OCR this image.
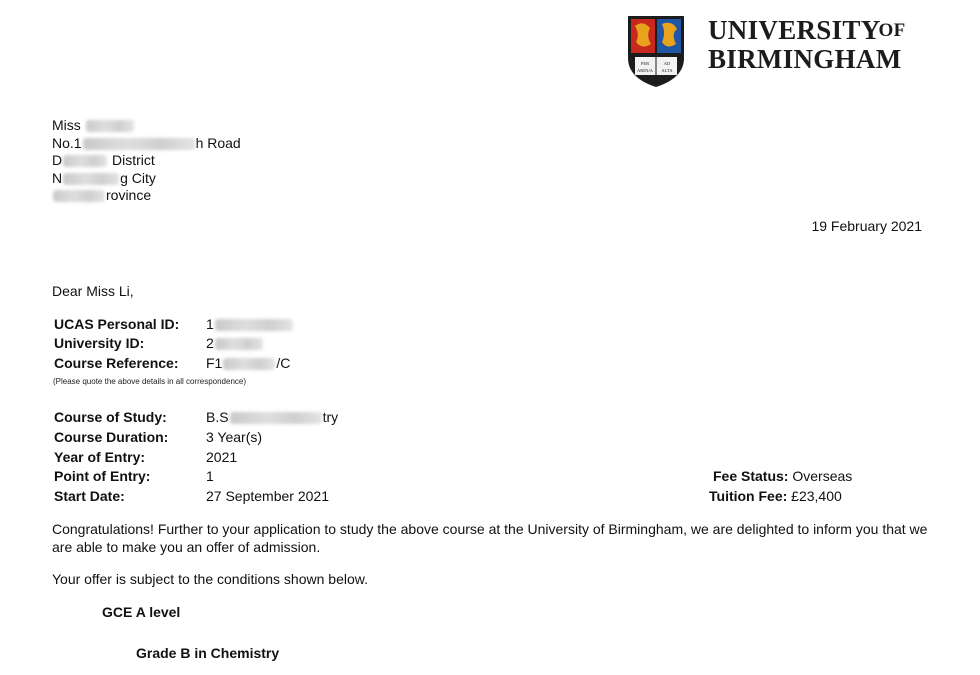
PER	AD
ARDUA ALTA
$UNIVERSITY^{OF}$
BIRMINGHAM
Miss
No.1	h Road
D	District
N	g City
rovince
19 February 2021
Dear Miss Li,
UCAS Personal ID: 1
University ID:	2
Course Reference: F1	/C
(Please quote the above details in all correspondence)
Course of Study:	B.S	try
Course Duration:	3 Year(s)
Year of Entry:	2021
Point of Entry:	1
Start Date:	27 September 2021
Fee Status: Overseas
Tuition Fee: £23,400
Congratulations! Further to your application to study the above course at the University of Birmingham, we are delighted to inform you that we are able to make you an offer of admission.
Your offer is subject to the conditions shown below.
GCE A level
Grade B in Chemistry
